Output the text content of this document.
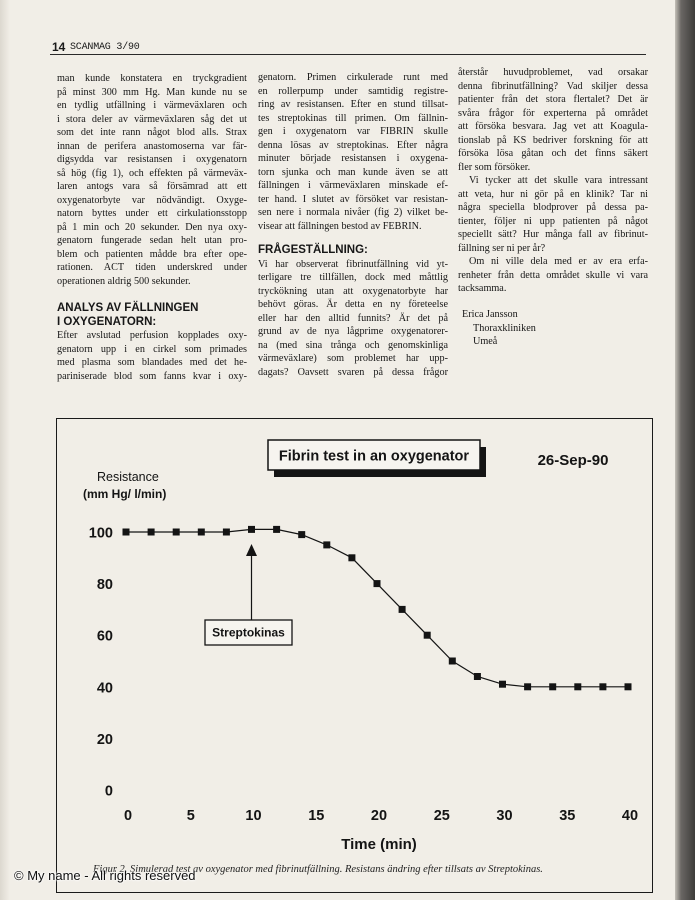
14 SCANMAG 3/90
man kunde konstatera en tryckgradient
på minst 300 mm Hg. Man kunde nu se
en tydlig utfällning i värmeväxlaren och
i stora deler av värmeväxlaren såg det ut
som det inte rann något blod alls. Strax
innan de perifera anastomoserna var fär-
digsydda var resistansen i oxygenatorn
så hög (fig 1), och effekten på värmeväx-
laren antogs vara så försämrad att ett
oxygenatorbyte var nödvändigt. Oxyge-
natorn byttes under ett cirkulationsstopp
på 1 min och 20 sekunder. Den nya oxy-
genatorn fungerade sedan helt utan pro-
blem och patienten mådde bra efter ope-
rationen. ACT tiden underskred under
operationen aldrig 500 sekunder.
ANALYS AV FÄLLNINGEN
I OXYGENATORN:
Efter avslutad perfusion kopplades oxy-
genatorn upp i en cirkel som primades
med plasma som blandades med det he-
pariniserade blod som fanns kvar i oxy-
genatorn. Primen cirkulerade runt med
en rollerpump under samtidig registre-
ring av resistansen. Efter en stund tillsat-
tes streptokinas till primen. Om fällnin-
gen i oxygenatorn var FIBRIN skulle
denna lösas av streptokinas. Efter några
minuter började resistansen i oxygena-
torn sjunka och man kunde även se att
fällningen i värmeväxlaren minskade ef-
ter hand. I slutet av försöket var resistan-
sen nere i normala nivåer (fig 2) vilket be-
visear att fällningen bestod av FEBRIN.
FRÅGESTÄLLNING:
Vi har observerat fibrinutfällning vid yt-
terligare tre tillfällen, dock med måttlig
tryckökning utan att oxygenatorbyte har
behövt göras. Är detta en ny företeelse
eller har den alltid funnits? Är det på
grund av de nya lågprime oxygenatorer-
na (med sina trånga och genomskinliga
värmeväxlare) som problemet har upp-
dagats? Oavsett svaren på dessa frågor
återstår huvudproblemet, vad orsakar
denna fibrinutfällning? Vad skiljer dessa
patienter från det stora flertalet? Det är
svåra frågor för experterna på området
att försöka besvara. Jag vet att Koagula-
tionslab på KS bedriver forskning för att
försöka lösa gåtan och det finns säkert
fler som försöker.
Vi tycker att det skulle vara intressant
att veta, hur ni gör på en klinik? Tar ni
några speciella blodprover på dessa pa-
tienter, följer ni upp patienten på något
speciellt sätt? Hur många fall av fibrinut-
fällning ser ni per år?
Om ni ville dela med er av era erfa-
renheter från detta området skulle vi vara
tacksamma.
Erica Jansson
Thoraxkliniken
Umeå
Fibrin test in an oxygenator	26-Sep-90
Resistance
(mm Hg/ l/min)
Time (min)
100
80
60
40
20
0
0	5	10	15	20	25	30	35	40
Streptokinas
Figur 2. Simulerad test av oxygenator med fibrinutfällning. Resistans ändring efter tillsats av Streptokinas.
© My name - All rights reserved
